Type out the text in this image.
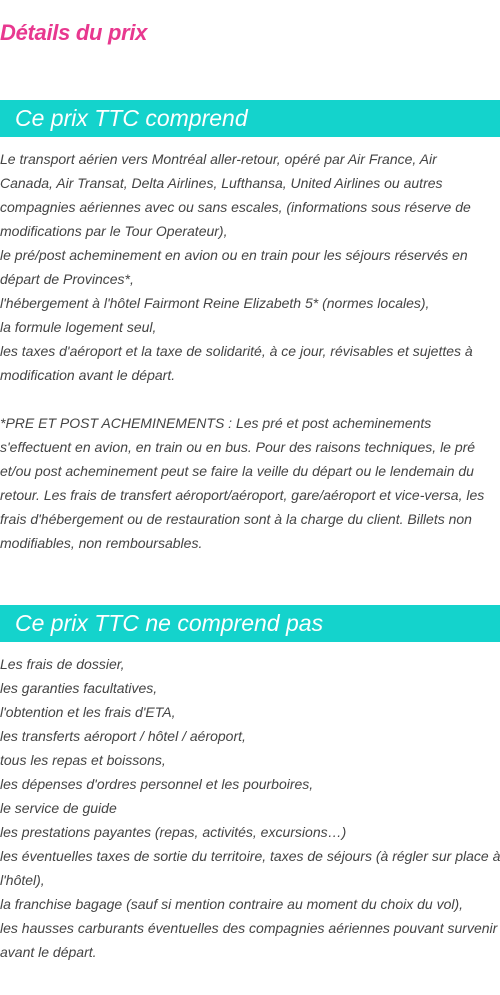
Détails du prix
Ce prix TTC comprend
Le transport aérien vers Montréal aller-retour, opéré par Air France, Air
Canada, Air Transat, Delta Airlines, Lufthansa, United Airlines ou autres
compagnies aériennes avec ou sans escales, (informations sous réserve de
modifications par le Tour Operateur),
le pré/post acheminement en avion ou en train pour les séjours réservés en
départ de Provinces*,
l'hébergement à l'hôtel Fairmont Reine Elizabeth 5* (normes locales),
la formule logement seul,
les taxes d'aéroport et la taxe de solidarité, à ce jour, révisables et sujettes à
modification avant le départ.
*PRE ET POST ACHEMINEMENTS : Les pré et post acheminements
s'effectuent en avion, en train ou en bus. Pour des raisons techniques, le pré
et/ou post acheminement peut se faire la veille du départ ou le lendemain du
retour. Les frais de transfert aéroport/aéroport, gare/aéroport et vice-versa, les
frais d'hébergement ou de restauration sont à la charge du client. Billets non
modifiables, non remboursables.
Ce prix TTC ne comprend pas
Les frais de dossier,
les garanties facultatives,
l'obtention et les frais d'ETA,
les transferts aéroport / hôtel / aéroport,
tous les repas et boissons,
les dépenses d'ordres personnel et les pourboires,
le service de guide
les prestations payantes (repas, activités, excursions…)
les éventuelles taxes de sortie du territoire, taxes de séjours (à régler sur place à
l'hôtel),
la franchise bagage (sauf si mention contraire au moment du choix du vol),
les hausses carburants éventuelles des compagnies aériennes pouvant survenir
avant le départ.
